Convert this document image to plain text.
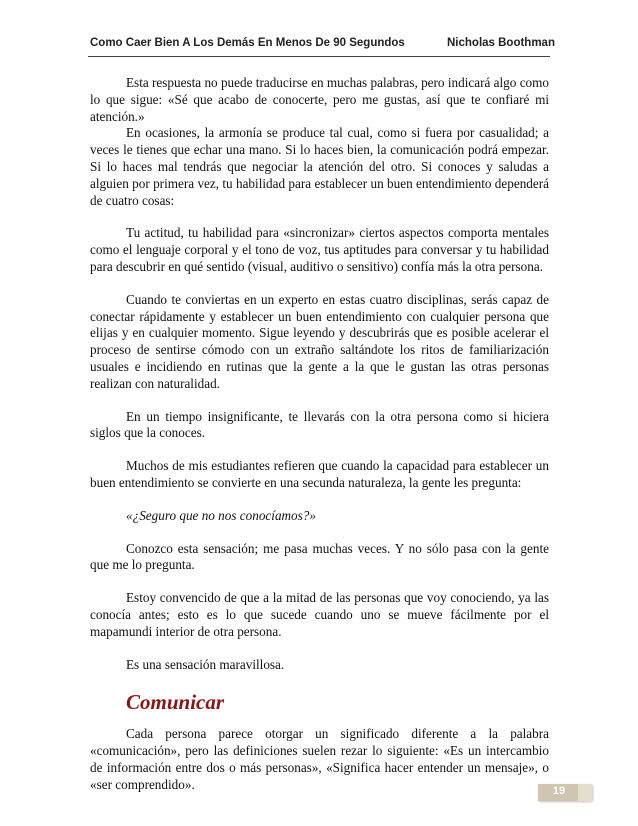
Como Caer Bien A Los Demás En Menos De 90 Segundos	Nicholas Boothman

Esta respuesta no puede traducirse en muchas palabras, pero indicará algo como lo que sigue: «Sé que acabo de conocerte, pero me gustas, así que te confiaré mi atención.»

En ocasiones, la armonía se produce tal cual, como si fuera por casualidad; a veces le tienes que echar una mano. Si lo haces bien, la comunicación podrá empezar. Si lo haces mal tendrás que negociar la atención del otro. Si conoces y saludas a alguien por primera vez, tu habilidad para establecer un buen entendimiento dependerá de cuatro cosas:

Tu actitud, tu habilidad para «sincronizar» ciertos aspectos comporta mentales como el lenguaje corporal y el tono de voz, tus aptitudes para conversar y tu habilidad para descubrir en qué sentido (visual, auditivo o sensitivo) confía más la otra persona.

Cuando te conviertas en un experto en estas cuatro disciplinas, serás capaz de conectar rápidamente y establecer un buen entendimiento con cualquier persona que elijas y en cualquier momento. Sigue leyendo y descubrirás que es posible acelerar el proceso de sentirse cómodo con un extraño saltándote los ritos de familiarización usuales e incidiendo en rutinas que la gente a la que le gustan las otras personas realizan con naturalidad.

En un tiempo insignificante, te llevarás con la otra persona como si hiciera siglos que la conoces.

Muchos de mis estudiantes refieren que cuando la capacidad para establecer un buen entendimiento se convierte en una secunda naturaleza, la gente les pregunta:

«¿Seguro que no nos conocíamos?»

Conozco esta sensación; me pasa muchas veces. Y no sólo pasa con la gente que me lo pregunta.

Estoy convencido de que a la mitad de las personas que voy conociendo, ya las conocía antes; esto es lo que sucede cuando uno se mueve fácilmente por el mapamundi interior de otra persona.

Es una sensación maravillosa.

Comunicar

Cada persona parece otorgar un significado diferente a la palabra «comunicación», pero las definiciones suelen rezar lo siguiente: «Es un intercambio de información entre dos o más personas», «Significa hacer entender un mensaje», o «ser comprendido».	19
